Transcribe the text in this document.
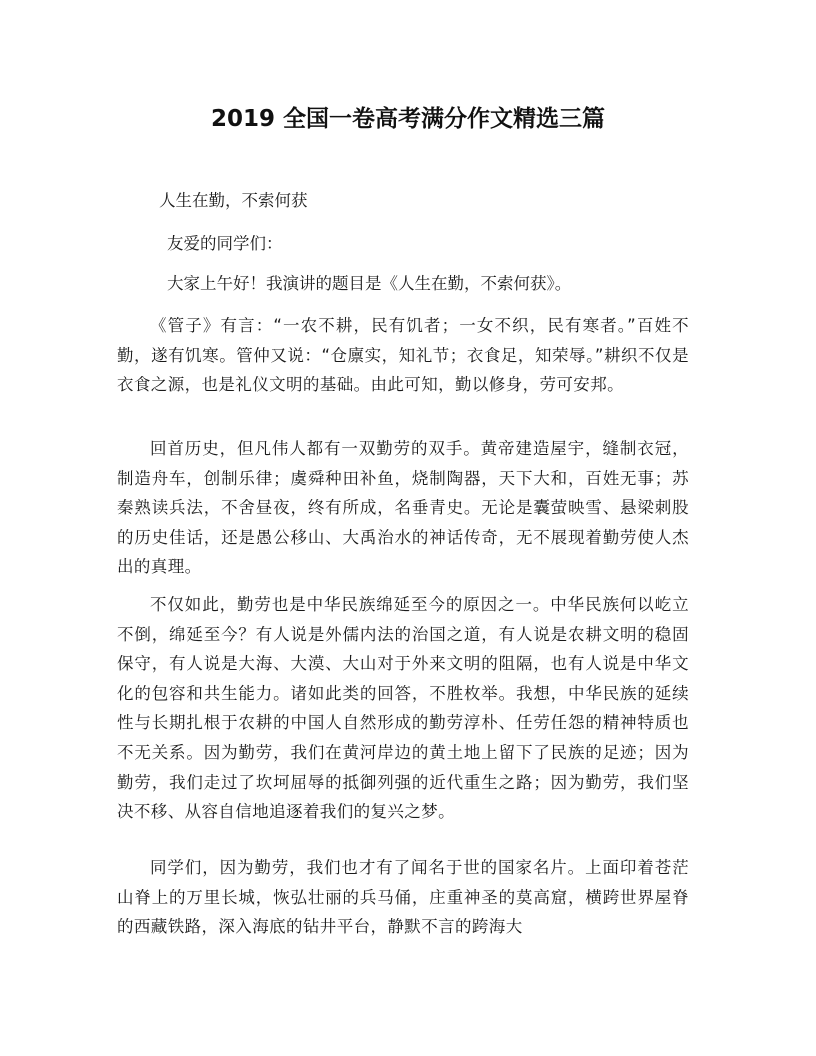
2019 全国一卷高考满分作文精选三篇

人生在勤，不索何获

友爱的同学们：

大家上午好！我演讲的题目是《人生在勤，不索何获》。

《管子》有言：“一农不耕，民有饥者；一女不织，民有寒者。”百姓不勤，遂有饥寒。管仲又说：“仓廪实，知礼节；衣食足，知荣辱。”耕织不仅是衣食之源，也是礼仪文明的基础。由此可知，勤以修身，劳可安邦。

回首历史，但凡伟人都有一双勤劳的双手。黄帝建造屋宇，缝制衣冠，制造舟车，创制乐律；虞舜种田补鱼，烧制陶器，天下大和，百姓无事；苏秦熟读兵法，不舍昼夜，终有所成，名垂青史。无论是囊萤映雪、悬梁刺股的历史佳话，还是愚公移山、大禹治水的神话传奇，无不展现着勤劳使人杰出的真理。

不仅如此，勤劳也是中华民族绵延至今的原因之一。中华民族何以屹立不倒，绵延至今？有人说是外儒内法的治国之道，有人说是农耕文明的稳固保守，有人说是大海、大漠、大山对于外来文明的阻隔，也有人说是中华文化的包容和共生能力。诸如此类的回答，不胜枚举。我想，中华民族的延续性与长期扎根于农耕的中国人自然形成的勤劳淳朴、任劳任怨的精神特质也不无关系。因为勤劳，我们在黄河岸边的黄土地上留下了民族的足迹；因为勤劳，我们走过了坎坷屈辱的抵御列强的近代重生之路；因为勤劳，我们坚决不移、从容自信地追逐着我们的复兴之梦。

同学们，因为勤劳，我们也才有了闻名于世的国家名片。上面印着苍茫山脊上的万里长城，恢弘壮丽的兵马俑，庄重神圣的莫高窟，横跨世界屋脊的西藏铁路，深入海底的钻井平台，静默不言的跨海大
